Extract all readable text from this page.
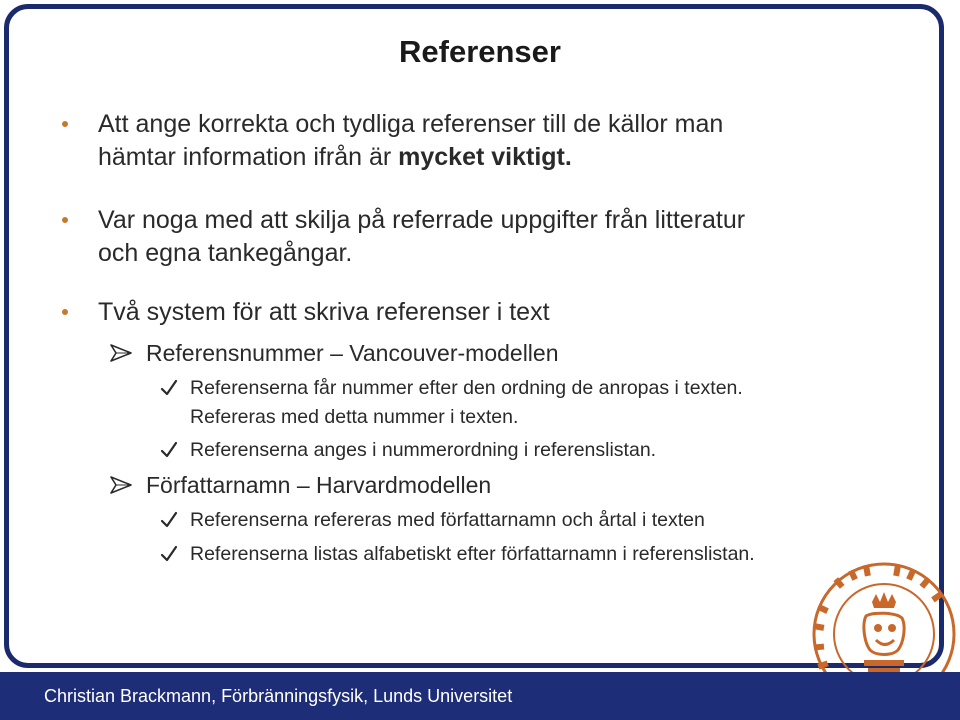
Referenser
Att ange korrekta och tydliga referenser till de källor man
hämtar information ifrån är mycket viktigt.
Var noga med att skilja på referrade uppgifter från litteratur
och egna tankegångar.
Två system för att skriva referenser i text
Referensnummer – Vancouver-modellen
Referenserna får nummer efter den ordning de anropas i texten.
Refereras med detta nummer i texten.
Referenserna anges i nummerordning i referenslistan.
Författarnamn – Harvardmodellen
Referenserna refereras med författarnamn och årtal i texten
Referenserna listas alfabetiskt efter författarnamn i referenslistan.
Christian Brackmann, Förbränningsfysik, Lunds Universitet
